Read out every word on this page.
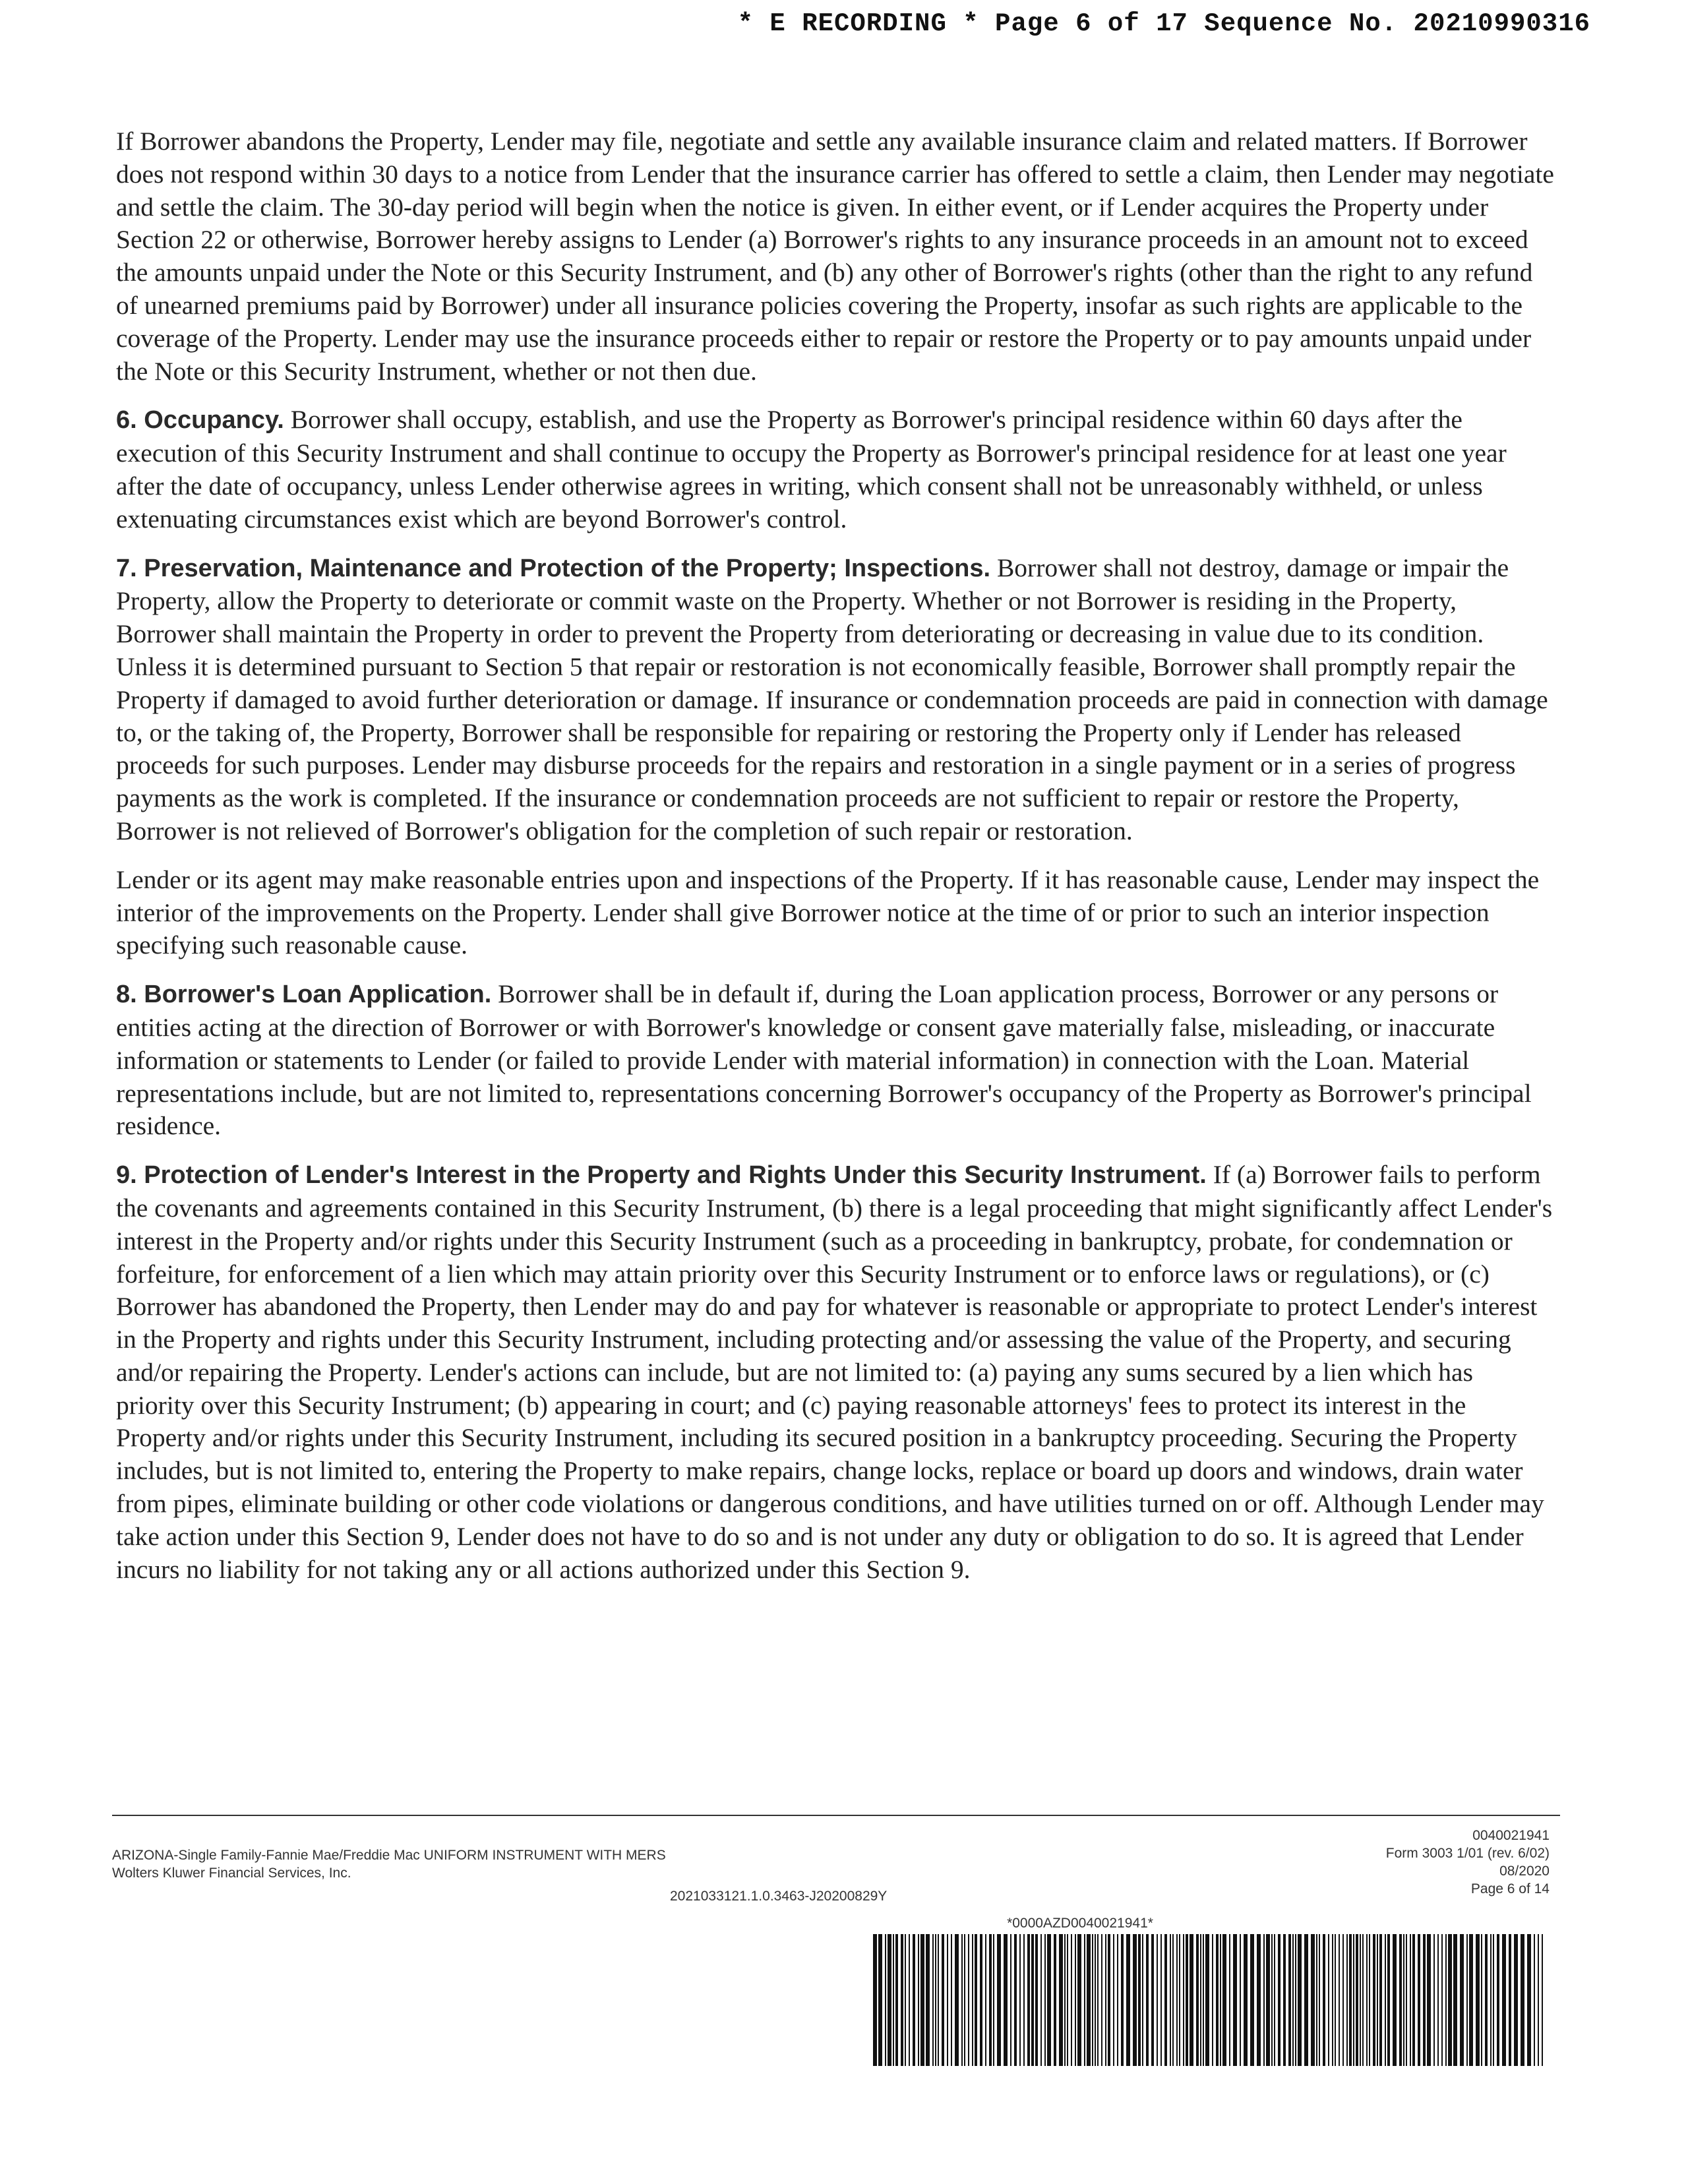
* E RECORDING * Page 6 of 17 Sequence No. 20210990316

If Borrower abandons the Property, Lender may file, negotiate and settle any available insurance claim and related matters. If Borrower does not respond within 30 days to a notice from Lender that the insurance carrier has offered to settle a claim, then Lender may negotiate and settle the claim. The 30-day period will begin when the notice is given. In either event, or if Lender acquires the Property under Section 22 or otherwise, Borrower hereby assigns to Lender (a) Borrower's rights to any insurance proceeds in an amount not to exceed the amounts unpaid under the Note or this Security Instrument, and (b) any other of Borrower's rights (other than the right to any refund of unearned premiums paid by Borrower) under all insurance policies covering the Property, insofar as such rights are applicable to the coverage of the Property. Lender may use the insurance proceeds either to repair or restore the Property or to pay amounts unpaid under the Note or this Security Instrument, whether or not then due.

6. Occupancy. Borrower shall occupy, establish, and use the Property as Borrower's principal residence within 60 days after the execution of this Security Instrument and shall continue to occupy the Property as Borrower's principal residence for at least one year after the date of occupancy, unless Lender otherwise agrees in writing, which consent shall not be unreasonably withheld, or unless extenuating circumstances exist which are beyond Borrower's control.

7. Preservation, Maintenance and Protection of the Property; Inspections. Borrower shall not destroy, damage or impair the Property, allow the Property to deteriorate or commit waste on the Property. Whether or not Borrower is residing in the Property, Borrower shall maintain the Property in order to prevent the Property from deteriorating or decreasing in value due to its condition. Unless it is determined pursuant to Section 5 that repair or restoration is not economically feasible, Borrower shall promptly repair the Property if damaged to avoid further deterioration or damage. If insurance or condemnation proceeds are paid in connection with damage to, or the taking of, the Property, Borrower shall be responsible for repairing or restoring the Property only if Lender has released proceeds for such purposes. Lender may disburse proceeds for the repairs and restoration in a single payment or in a series of progress payments as the work is completed. If the insurance or condemnation proceeds are not sufficient to repair or restore the Property, Borrower is not relieved of Borrower's obligation for the completion of such repair or restoration.

Lender or its agent may make reasonable entries upon and inspections of the Property. If it has reasonable cause, Lender may inspect the interior of the improvements on the Property. Lender shall give Borrower notice at the time of or prior to such an interior inspection specifying such reasonable cause.

8. Borrower's Loan Application. Borrower shall be in default if, during the Loan application process, Borrower or any persons or entities acting at the direction of Borrower or with Borrower's knowledge or consent gave materially false, misleading, or inaccurate information or statements to Lender (or failed to provide Lender with material information) in connection with the Loan. Material representations include, but are not limited to, representations concerning Borrower's occupancy of the Property as Borrower's principal residence.

9. Protection of Lender's Interest in the Property and Rights Under this Security Instrument. If (a) Borrower fails to perform the covenants and agreements contained in this Security Instrument, (b) there is a legal proceeding that might significantly affect Lender's interest in the Property and/or rights under this Security Instrument (such as a proceeding in bankruptcy, probate, for condemnation or forfeiture, for enforcement of a lien which may attain priority over this Security Instrument or to enforce laws or regulations), or (c) Borrower has abandoned the Property, then Lender may do and pay for whatever is reasonable or appropriate to protect Lender's interest in the Property and rights under this Security Instrument, including protecting and/or assessing the value of the Property, and securing and/or repairing the Property. Lender's actions can include, but are not limited to: (a) paying any sums secured by a lien which has priority over this Security Instrument; (b) appearing in court; and (c) paying reasonable attorneys' fees to protect its interest in the Property and/or rights under this Security Instrument, including its secured position in a bankruptcy proceeding. Securing the Property includes, but is not limited to, entering the Property to make repairs, change locks, replace or board up doors and windows, drain water from pipes, eliminate building or other code violations or dangerous conditions, and have utilities turned on or off. Although Lender may take action under this Section 9, Lender does not have to do so and is not under any duty or obligation to do so. It is agreed that Lender incurs no liability for not taking any or all actions authorized under this Section 9.

ARIZONA-Single Family-Fannie Mae/Freddie Mac UNIFORM INSTRUMENT WITH MERS
Wolters Kluwer Financial Services, Inc.
2021033121.1.0.3463-J20200829Y
0040021941
Form 3003 1/01 (rev. 6/02)
08/2020
Page 6 of 14
*0000AZD0040021941*
